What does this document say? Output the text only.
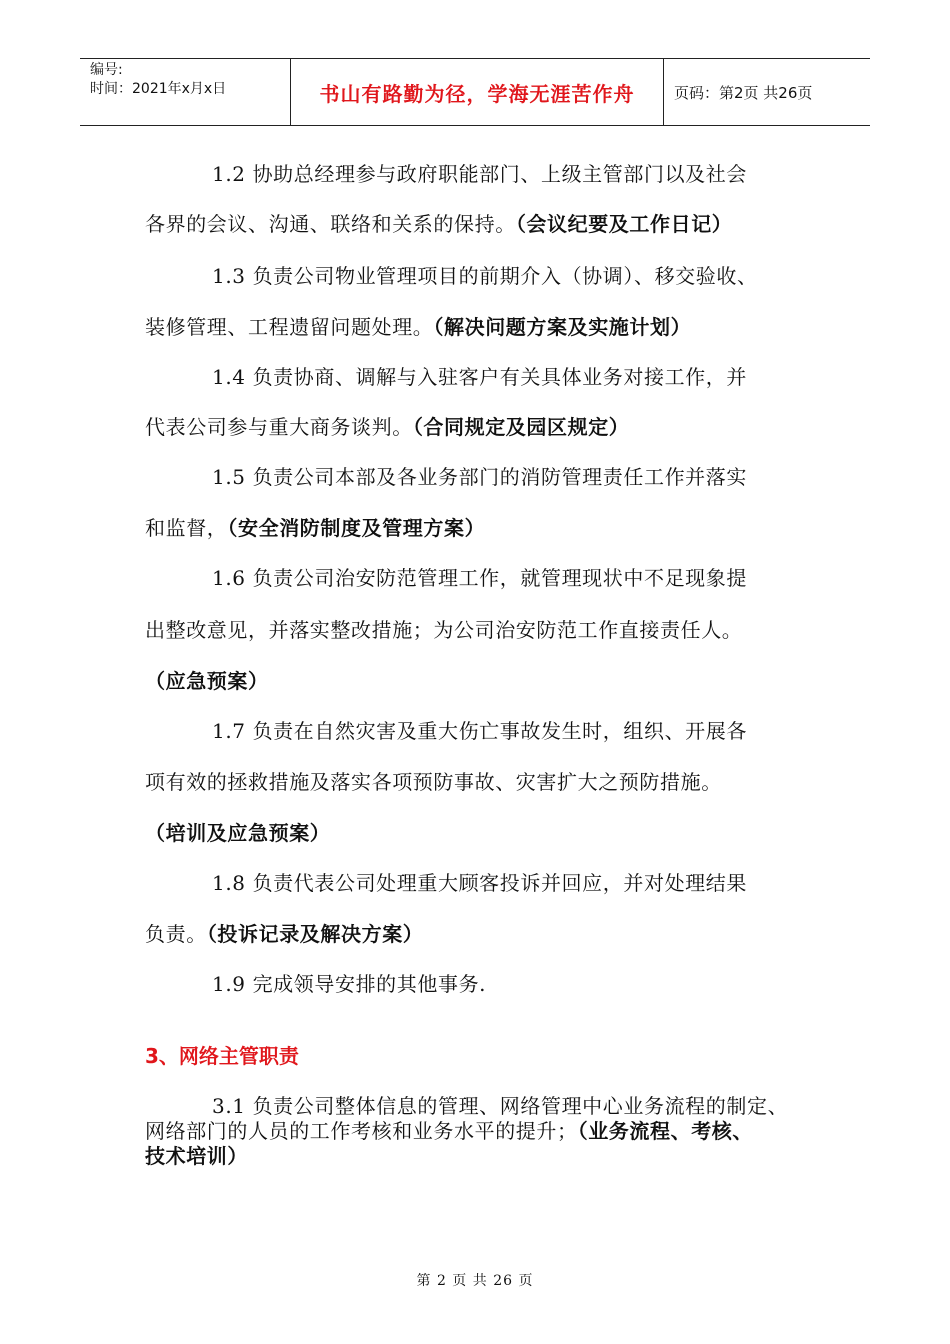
编号:
时间：2021年x月x日	书山有路勤为径，学海无涯苦作舟	页码：第2页 共26页
1.2 协助总经理参与政府职能部门、上级主管部门以及社会
各界的会议、沟通、联络和关系的保持。（会议纪要及工作日记）
1.3 负责公司物业管理项目的前期介入（协调）、移交验收、
装修管理、工程遗留问题处理。（解决问题方案及实施计划）
1.4 负责协商、调解与入驻客户有关具体业务对接工作，并
代表公司参与重大商务谈判。（合同规定及园区规定）
1.5 负责公司本部及各业务部门的消防管理责任工作并落实
和监督，（安全消防制度及管理方案）
1.6 负责公司治安防范管理工作，就管理现状中不足现象提
出整改意见，并落实整改措施；为公司治安防范工作直接责任人。
（应急预案）
1.7 负责在自然灾害及重大伤亡事故发生时，组织、开展各
项有效的拯救措施及落实各项预防事故、灾害扩大之预防措施。
（培训及应急预案）
1.8 负责代表公司处理重大顾客投诉并回应，并对处理结果
负责。（投诉记录及解决方案）
1.9 完成领导安排的其他事务.
3、网络主管职责
3.1 负责公司整体信息的管理、网络管理中心业务流程的制定、
网络部门的人员的工作考核和业务水平的提升；（业务流程、考核、
技术培训）
第 2 页 共 26 页
